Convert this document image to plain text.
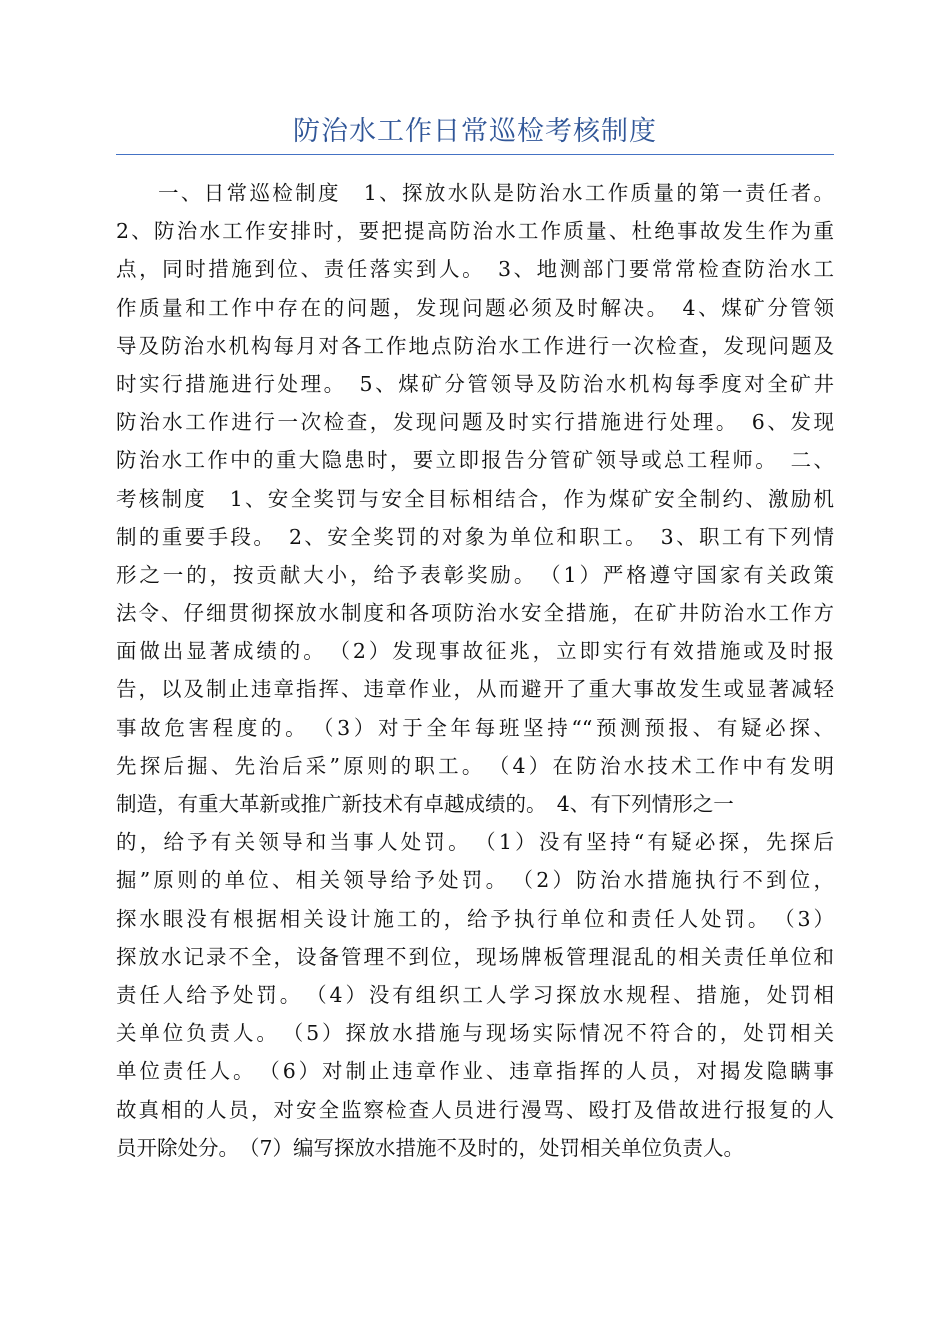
防治水工作日常巡检考核制度
一、日常巡检制度　1、探放水队是防治水工作质量的第一责任者。
2、防治水工作安排时，要把提高防治水工作质量、杜绝事故发生作为重
点，同时措施到位、责任落实到人。　3、地测部门要常常检查防治水工
作质量和工作中存在的问题，发现问题必须及时解决。　4、煤矿分管领
导及防治水机构每月对各工作地点防治水工作进行一次检查，发现问题及
时实行措施进行处理。　5、煤矿分管领导及防治水机构每季度对全矿井
防治水工作进行一次检查，发现问题及时实行措施进行处理。　6、发现
防治水工作中的重大隐患时，要立即报告分管矿领导或总工程师。　二、
考核制度　1、安全奖罚与安全目标相结合，作为煤矿安全制约、激励机
制的重要手段。　2、安全奖罚的对象为单位和职工。　3、职工有下列情
形之一的，按贡献大小，给予表彰奖励。　（1）严格遵守国家有关政策
法令、仔细贯彻探放水制度和各项防治水安全措施，在矿井防治水工作方
面做出显著成绩的。　（2）发现事故征兆，立即实行有效措施或及时报
告，以及制止违章指挥、违章作业，从而避开了重大事故发生或显著减轻
事故危害程度的。　（3）对于全年每班坚持““预测预报、有疑必探、
先探后掘、先治后采”原则的职工。　（4）在防治水技术工作中有发明
制造，有重大革新或推广新技术有卓越成绩的。　4、有下列情形之一
的，给予有关领导和当事人处罚。　（1）没有坚持“有疑必探，先探后
掘”原则的单位、相关领导给予处罚。　（2）防治水措施执行不到位，
探水眼没有根据相关设计施工的，给予执行单位和责任人处罚。　（3）
探放水记录不全，设备管理不到位，现场牌板管理混乱的相关责任单位和
责任人给予处罚。　（4）没有组织工人学习探放水规程、措施，处罚相
关单位负责人。　（5）探放水措施与现场实际情况不符合的，处罚相关
单位责任人。　（6）对制止违章作业、违章指挥的人员，对揭发隐瞒事
故真相的人员，对安全监察检查人员进行漫骂、殴打及借故进行报复的人
员开除处分。　（7）编写探放水措施不及时的，处罚相关单位负责人。
